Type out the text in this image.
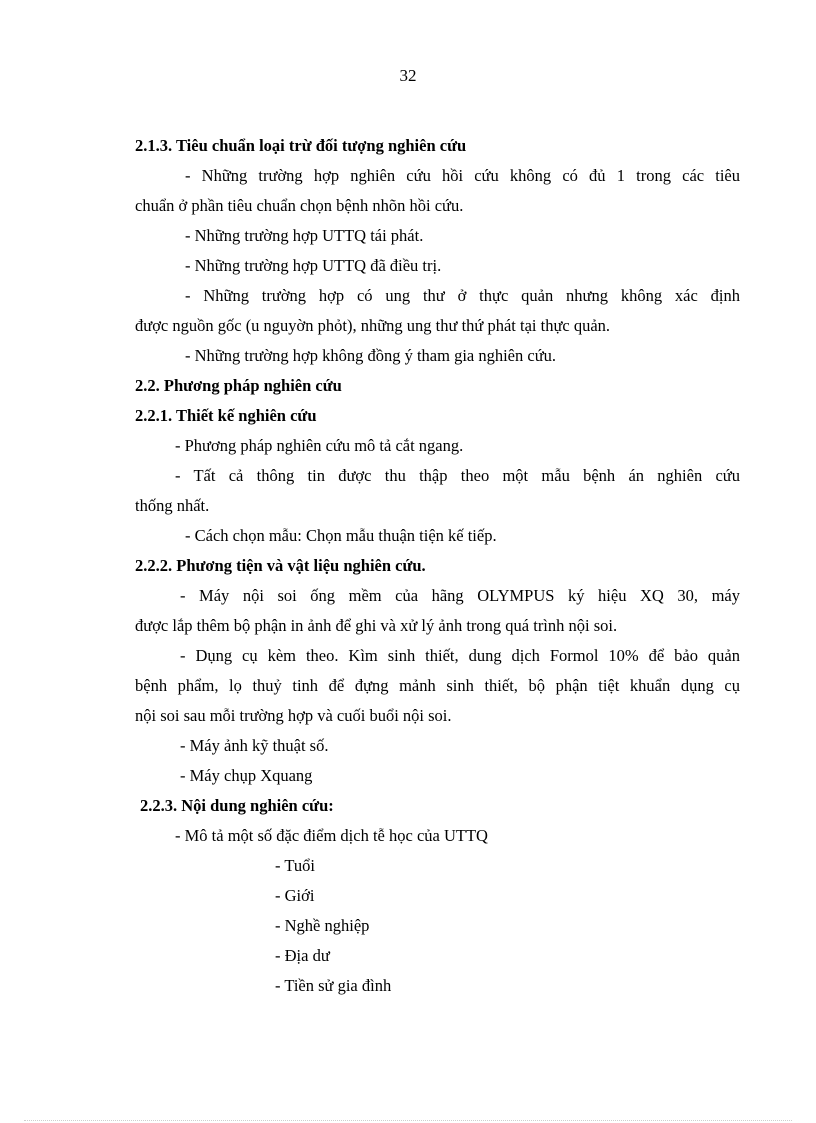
32
2.1.3. Tiêu chuẩn loại trừ đối tượng nghiên cứu
- Những trường hợp nghiên cứu hồi cứu không có đủ 1 trong các tiêu
chuẩn ở phần tiêu chuẩn chọn bệnh nhõn hồi cứu.
- Những trường hợp UTTQ tái phát.
- Những trường hợp UTTQ đã điều trị.
- Những trường hợp có ung thư ở thực quản nhưng không xác định
được nguồn gốc (u nguyờn phỏt), những ung thư thứ phát tại thực quản.
- Những trường hợp không đồng ý tham gia nghiên cứu.
2.2. Phương pháp nghiên cứu
2.2.1. Thiết kế nghiên cứu
- Phương pháp nghiên cứu mô tả cắt ngang.
- Tất cả thông tin được thu thập theo một mẫu bệnh án nghiên cứu
thống nhất.
- Cách chọn mẫu: Chọn mẫu thuận tiện kế tiếp.
2.2.2. Phương tiện và vật liệu nghiên cứu.
- Máy nội soi ống mềm của hãng OLYMPUS ký hiệu XQ 30, máy
được lắp thêm bộ phận in ảnh để ghi và xử lý ảnh trong quá trình nội soi.
- Dụng cụ kèm theo. Kìm sinh thiết, dung dịch Formol 10% để bảo quản
bệnh phẩm, lọ thuỷ tinh để đựng mảnh sinh thiết, bộ phận tiệt khuẩn dụng cụ
nội soi sau mỗi trường hợp và cuối buổi nội soi.
- Máy ảnh kỹ thuật số.
- Máy chụp Xquang
2.2.3. Nội dung nghiên cứu:
- Mô tả một số đặc điểm dịch tễ học của UTTQ
- Tuổi
- Giới
- Nghề nghiệp
- Địa dư
- Tiền sử gia đình
